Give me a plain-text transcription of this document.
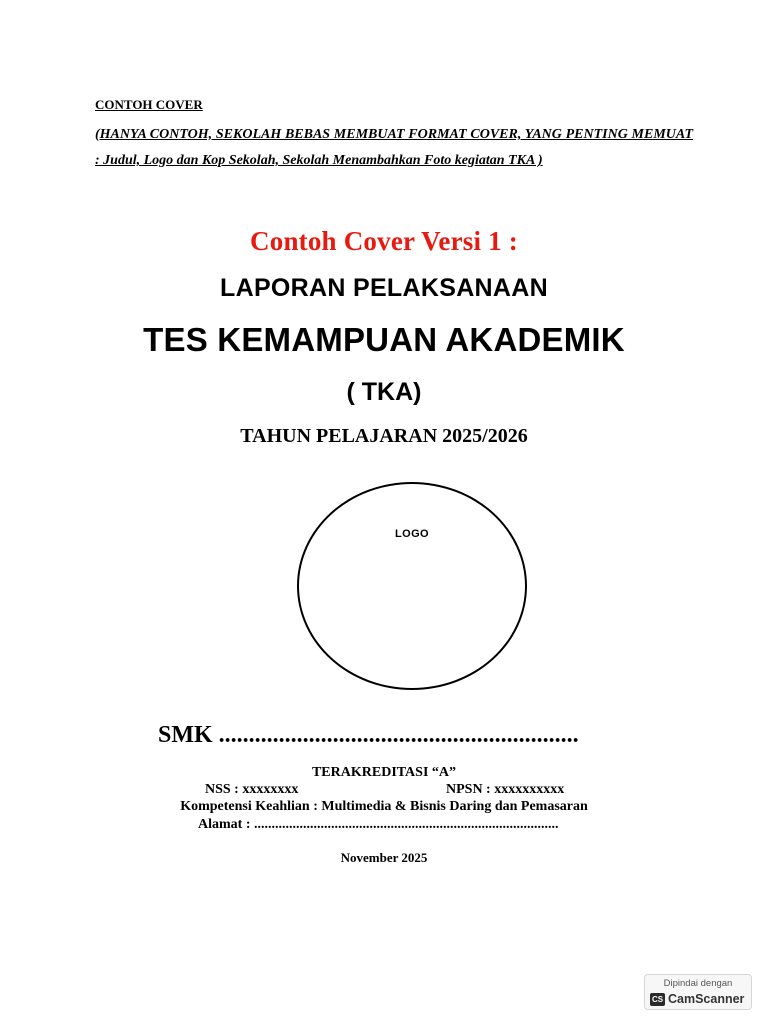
CONTOH COVER
(HANYA CONTOH, SEKOLAH BEBAS MEMBUAT FORMAT COVER, YANG PENTING MEMUAT : Judul, Logo dan Kop Sekolah, Sekolah Menambahkan Foto kegiatan TKA )
Contoh Cover Versi 1 :
LAPORAN PELAKSANAAN
TES KEMAMPUAN AKADEMIK
( TKA)
TAHUN PELAJARAN 2025/2026
LOGO
SMK ............................................................
TERAKREDITASI “A”
NSS : xxxxxxxx	NPSN : xxxxxxxxxx
Kompetensi Keahlian : Multimedia & Bisnis Daring dan Pemasaran
Alamat : .......................................................................................
November 2025
Dipindai dengan
CS CamScanner
